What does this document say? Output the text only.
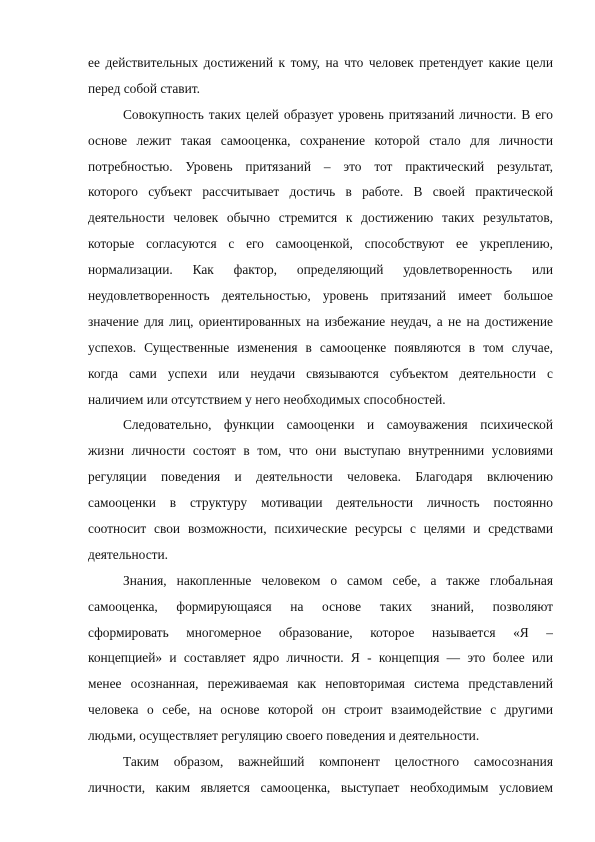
ее действительных достижений к тому, на что человек претендует какие цели
перед собой ставит.
Совокупность таких целей образует уровень притязаний личности. В его
основе лежит такая самооценка, сохранение которой стало для личности
потребностью. Уровень притязаний – это тот практический результат,
которого субъект рассчитывает достичь в работе. В своей практической
деятельности человек обычно стремится к достижению таких результатов,
которые согласуются с его самооценкой, способствуют ее укреплению,
нормализации. Как фактор, определяющий удовлетворенность или
неудовлетворенность деятельностью, уровень притязаний имеет большое
значение для лиц, ориентированных на избежание неудач, а не на достижение
успехов. Существенные изменения в самооценке появляются в том случае,
когда сами успехи или неудачи связываются субъектом деятельности с
наличием или отсутствием у него необходимых способностей.
Следовательно, функции самооценки и самоуважения психической
жизни личности состоят в том, что они выступаю внутренними условиями
регуляции поведения и деятельности человека. Благодаря включению
самооценки в структуру мотивации деятельности личность постоянно
соотносит свои возможности, психические ресурсы с целями и средствами
деятельности.
Знания, накопленные человеком о самом себе, а также глобальная
самооценка, формирующаяся на основе таких знаний, позволяют
сформировать многомерное образование, которое называется «Я –
концепцией» и составляет ядро личности. Я - концепция — это более или
менее осознанная, переживаемая как неповторимая система представлений
человека о себе, на основе которой он строит взаимодействие с другими
людьми, осуществляет регуляцию своего поведения и деятельности.
Таким образом, важнейший компонент целостного самосознания
личности, каким является самооценка, выступает необходимым условием
